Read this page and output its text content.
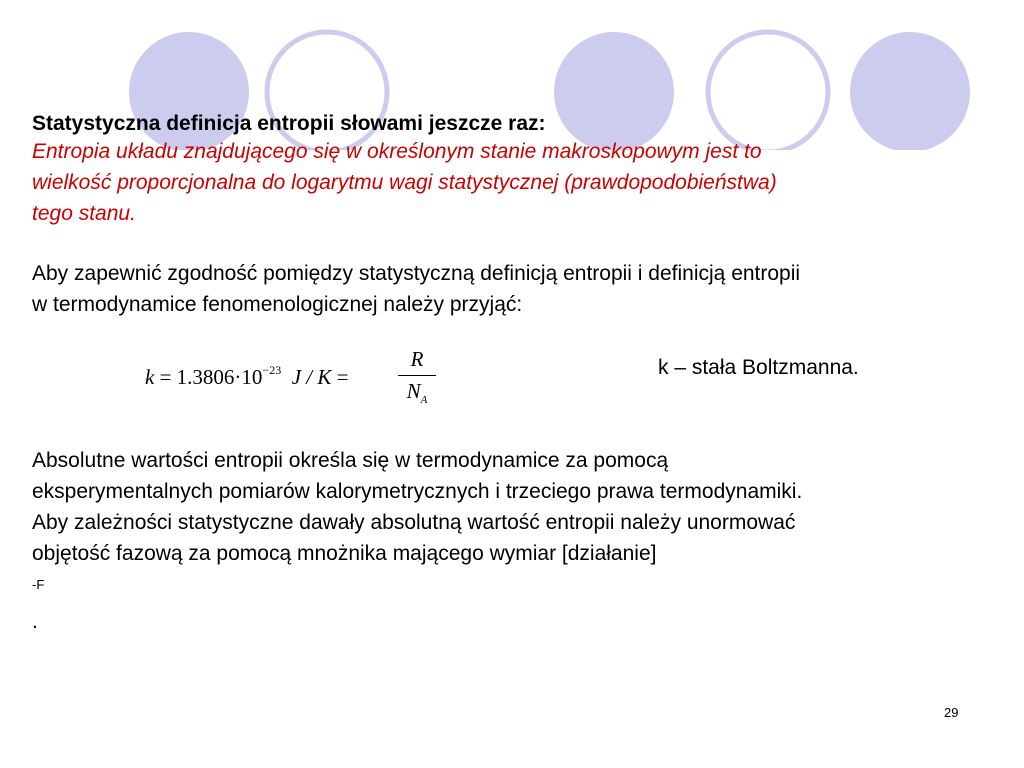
Statystyczna definicja entropii słowami jeszcze raz:
Entropia układu znajdującego się w określonym stanie makroskopowym jest to
wielkość proporcjonalna do logarytmu wagi statystycznej (prawdopodobieństwa)
tego stanu.
Aby zapewnić zgodność pomiędzy statystyczną definicją entropii i definicją entropii
w termodynamice fenomenologicznej należy przyjąć:
$k = 1.3806\cdot 10^{-23}$ J / K =
R
$N_A$
k – stała Boltzmanna.
Absolutne wartości entropii określa się w termodynamice za pomocą
eksperymentalnych pomiarów kalorymetrycznych i trzeciego prawa termodynamiki.
Aby zależności statystyczne dawały absolutną wartość entropii należy unormować
objętość fazową za pomocą mnożnika mającego wymiar [działanie]
$^{-F}$
.
29
